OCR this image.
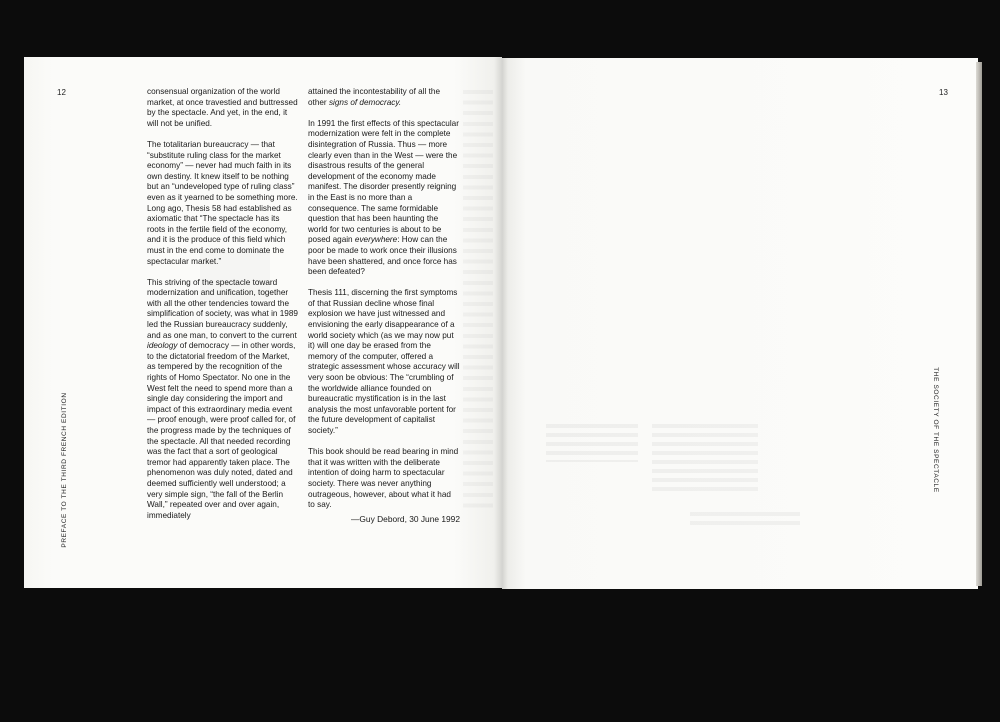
12
PREFACE TO THE THIRD FRENCH EDITION

consensual organization of the world market, at once travestied and buttressed by the spectacle. And yet, in the end, it will not be unified.

The totalitarian bureaucracy — that “substitute ruling class for the market economy” — never had much faith in its own destiny. It knew itself to be nothing but an “undeveloped type of ruling class” even as it yearned to be something more. Long ago, Thesis 58 had established as axiomatic that “The spectacle has its roots in the fertile field of the economy, and it is the produce of this field which must in the end come to dominate the spectacular market.”

This striving of the spectacle toward modernization and unification, together with all the other tendencies toward the simplification of society, was what in 1989 led the Russian bureaucracy suddenly, and as one man, to convert to the current ideology of democracy — in other words, to the dictatorial freedom of the Market, as tempered by the recognition of the rights of Homo Spectator. No one in the West felt the need to spend more than a single day considering the import and impact of this extraordinary media event — proof enough, were proof called for, of the progress made by the techniques of the spectacle. All that needed recording was the fact that a sort of geological tremor had apparently taken place. The phenomenon was duly noted, dated and deemed sufficiently well understood; a very simple sign, “the fall of the Berlin Wall,” repeated over and over again, immediately

attained the incontestability of all the other signs of democracy.

In 1991 the first effects of this spectacular modernization were felt in the complete disintegration of Russia. Thus — more clearly even than in the West — were the disastrous results of the general development of the economy made manifest. The disorder presently reigning in the East is no more than a consequence. The same formidable question that has been haunting the world for two centuries is about to be posed again everywhere: How can the poor be made to work once their illusions have been shattered, and once force has been defeated?

Thesis 111, discerning the first symptoms of that Russian decline whose final explosion we have just witnessed and envisioning the early disappearance of a world society which (as we may now put it) will one day be erased from the memory of the computer, offered a strategic assessment whose accuracy will very soon be obvious: The “crumbling of the worldwide alliance founded on bureaucratic mystification is in the last analysis the most unfavorable portent for the future development of capitalist society.”

This book should be read bearing in mind that it was written with the deliberate intention of doing harm to spectacular society. There was never anything outrageous, however, about what it had to say.

—Guy Debord, 30 June 1992
13
THE SOCIETY OF THE SPECTACLE
